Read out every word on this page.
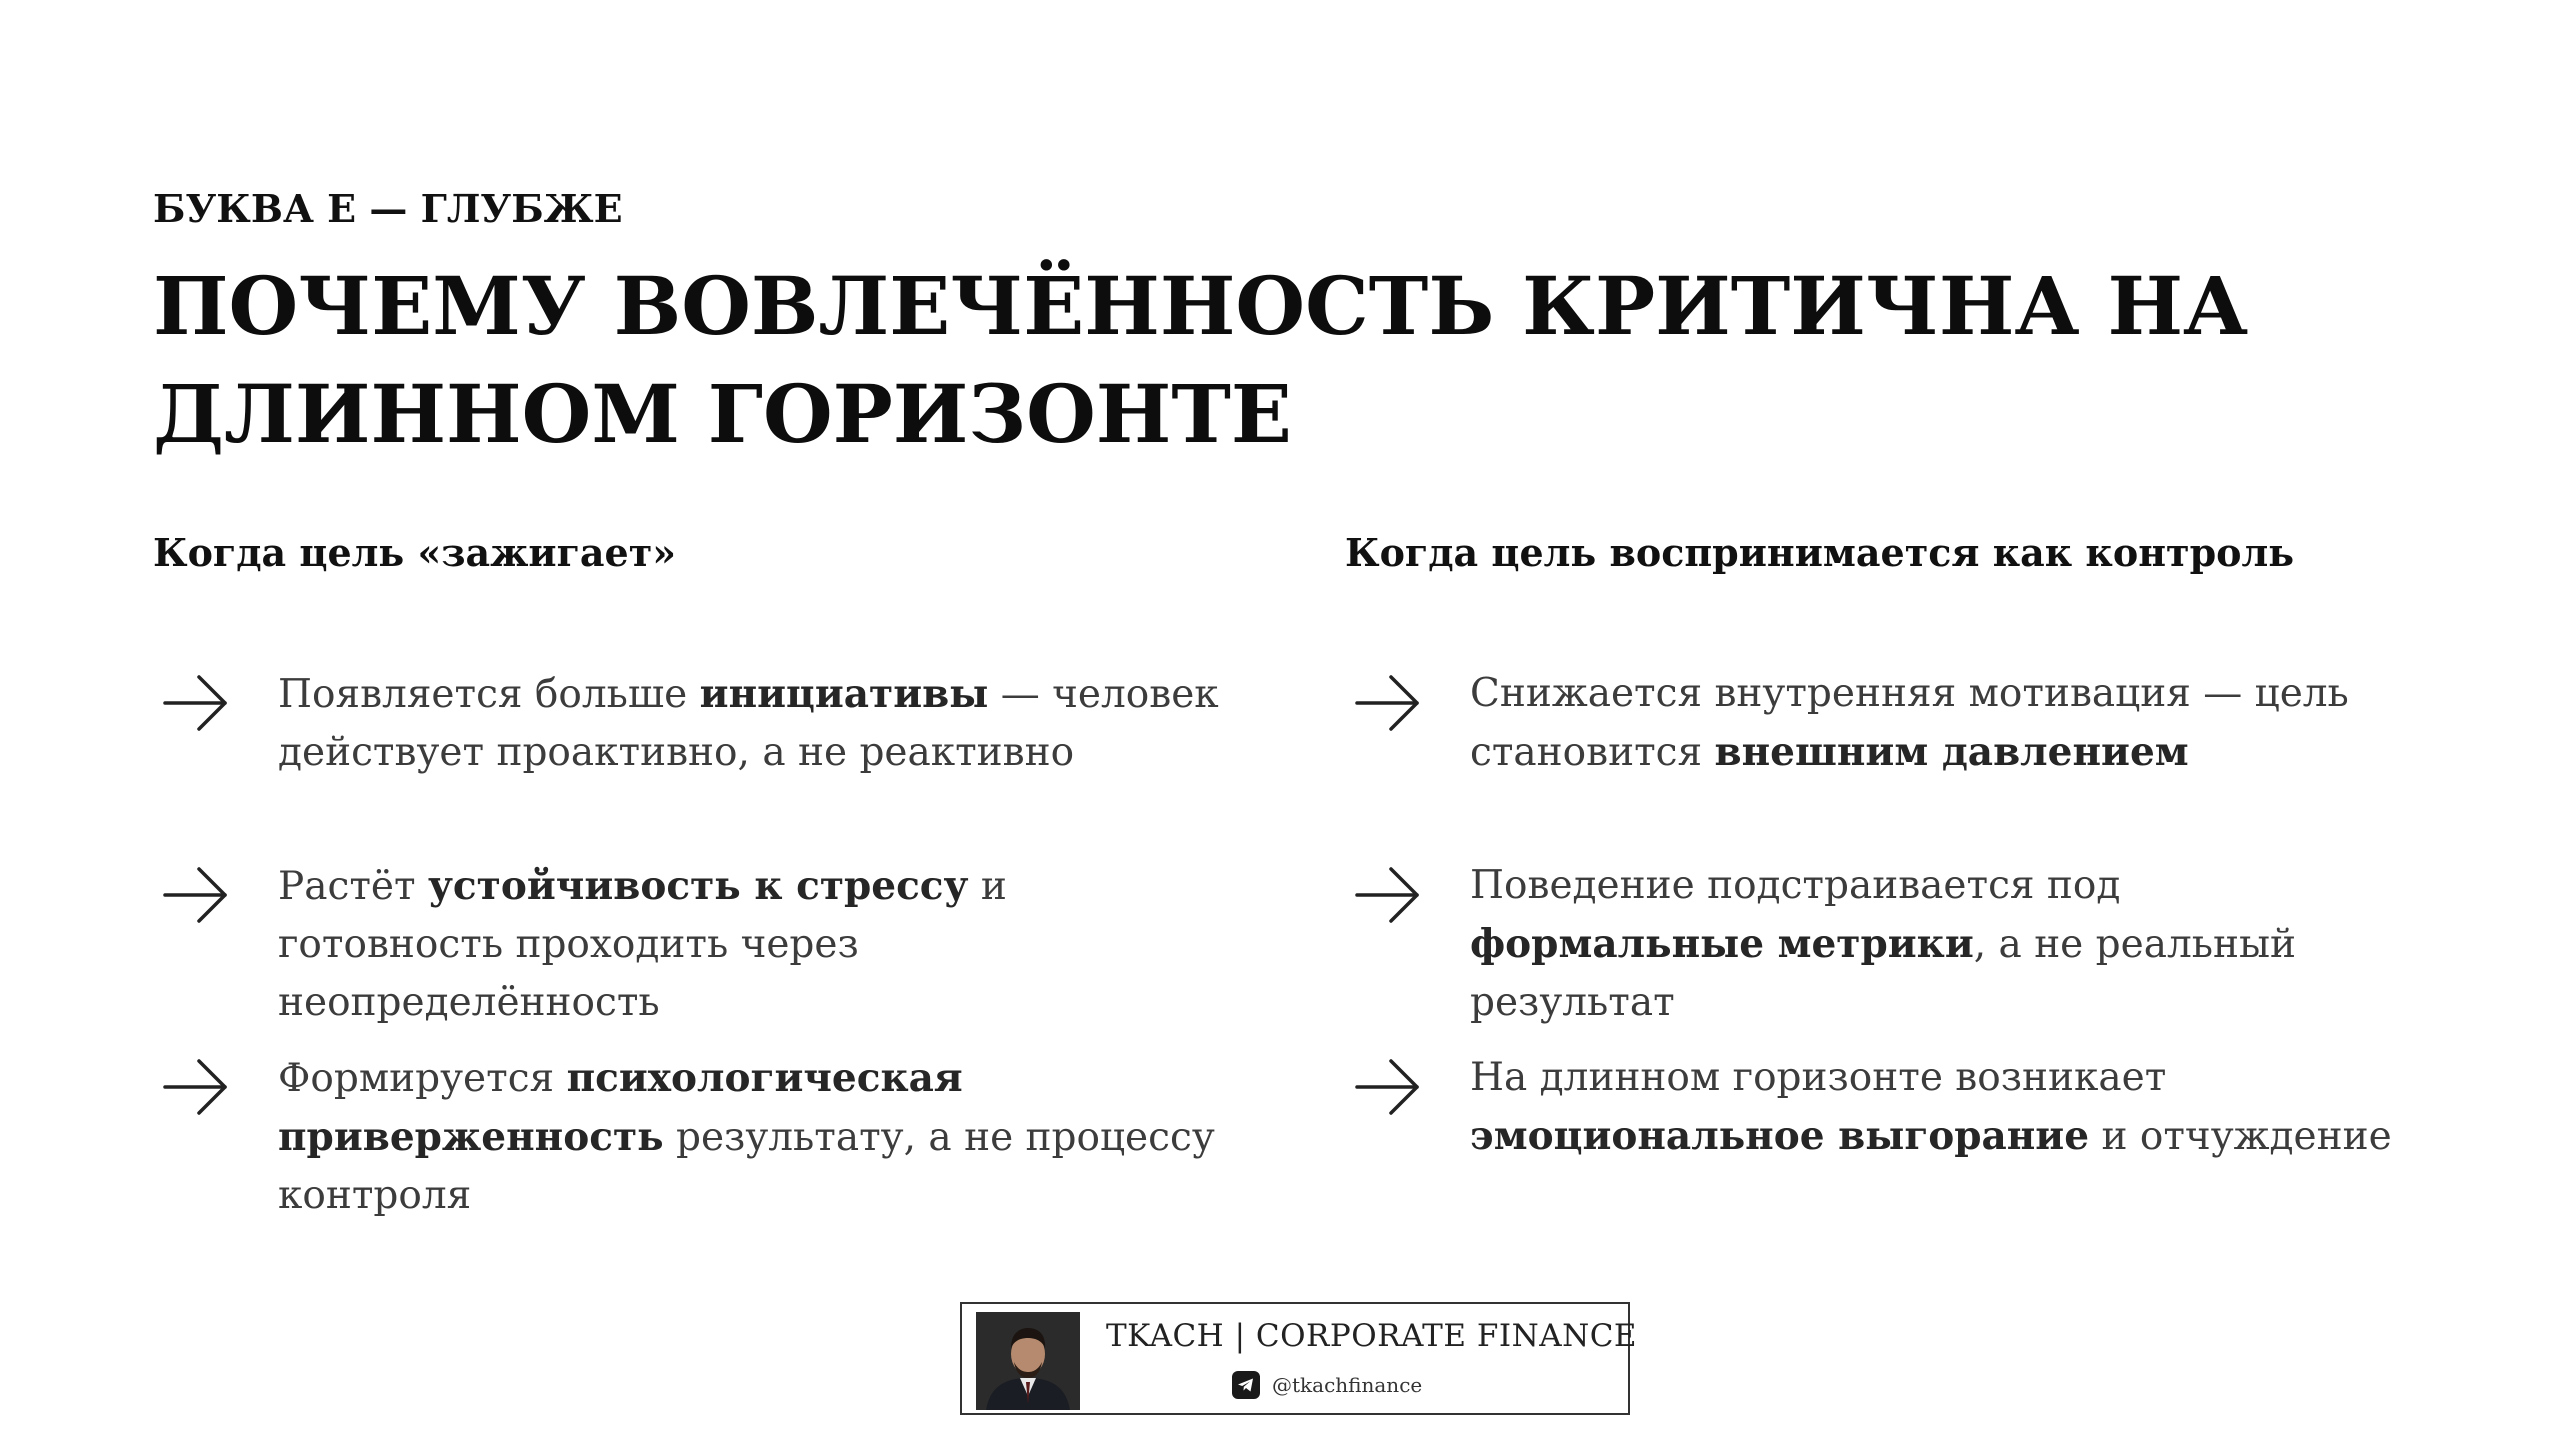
БУКВА Е — ГЛУБЖЕ
ПОЧЕМУ ВОВЛЕЧЁННОСТЬ КРИТИЧНА НА ДЛИННОМ ГОРИЗОНТЕ
Когда цель «зажигает»
Появляется больше инициативы — человек действует проактивно, а не реактивно
Растёт устойчивость к стрессу и готовность проходить через неопределённость
Формируется психологическая приверженность результату, а не процессу контроля
Когда цель воспринимается как контроль
Снижается внутренняя мотивация — цель становится внешним давлением
Поведение подстраивается под формальные метрики, а не реальный результат
На длинном горизонте возникает эмоциональное выгорание и отчуждение
TKACH | CORPORATE FINANCE
@tkachfinance
